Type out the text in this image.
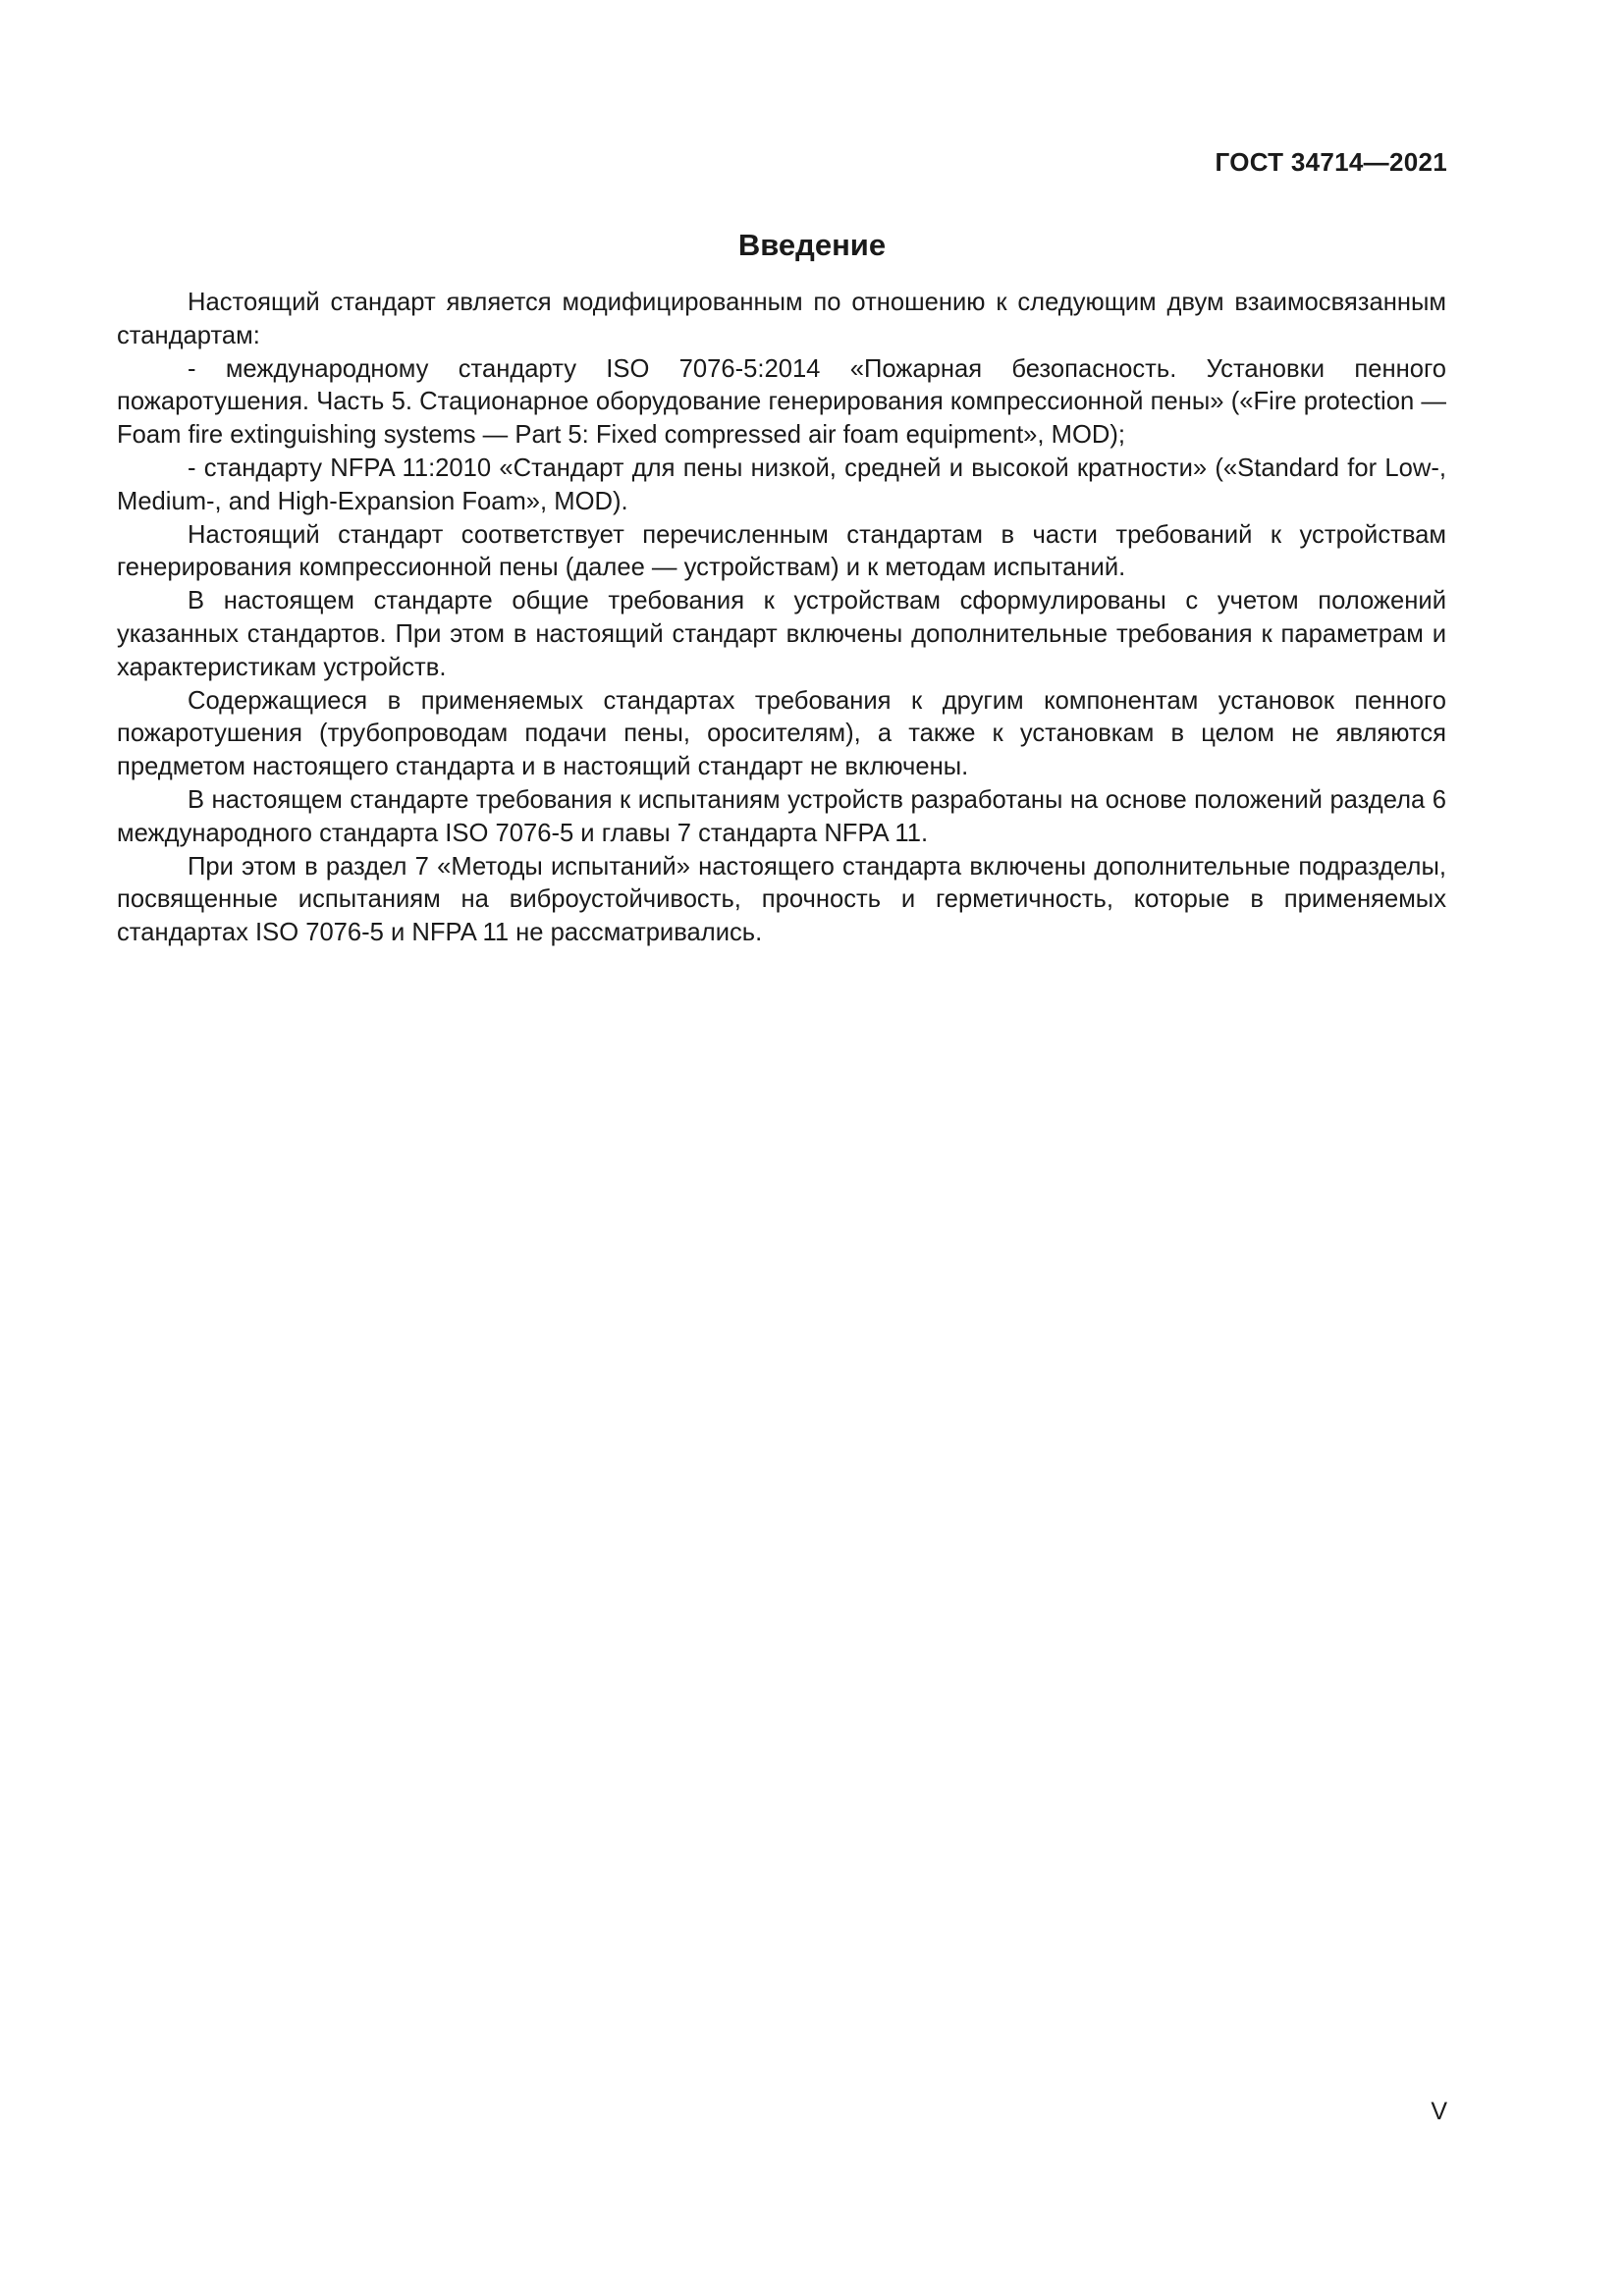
ГОСТ 34714—2021
Введение

Настоящий стандарт является модифицированным по отношению к следующим двум взаимосвязанным стандартам:

- международному стандарту ISO 7076-5:2014 «Пожарная безопасность. Установки пенного пожаротушения. Часть 5. Стационарное оборудование генерирования компрессионной пены» («Fire protection — Foam fire extinguishing systems — Part 5: Fixed compressed air foam equipment», MOD);

- стандарту NFPA 11:2010 «Стандарт для пены низкой, средней и высокой кратности» («Standard for Low-, Medium-, and High-Expansion Foam», MOD).

Настоящий стандарт соответствует перечисленным стандартам в части требований к устройствам генерирования компрессионной пены (далее — устройствам) и к методам испытаний.

В настоящем стандарте общие требования к устройствам сформулированы с учетом положений указанных стандартов. При этом в настоящий стандарт включены дополнительные требования к параметрам и характеристикам устройств.

Содержащиеся в применяемых стандартах требования к другим компонентам установок пенного пожаротушения (трубопроводам подачи пены, оросителям), а также к установкам в целом не являются предметом настоящего стандарта и в настоящий стандарт не включены.

В настоящем стандарте требования к испытаниям устройств разработаны на основе положений раздела 6 международного стандарта ISO 7076-5 и главы 7 стандарта NFPA 11.

При этом в раздел 7 «Методы испытаний» настоящего стандарта включены дополнительные подразделы, посвященные испытаниям на виброустойчивость, прочность и герметичность, которые в применяемых стандартах ISO 7076-5 и NFPA 11 не рассматривались.

V
